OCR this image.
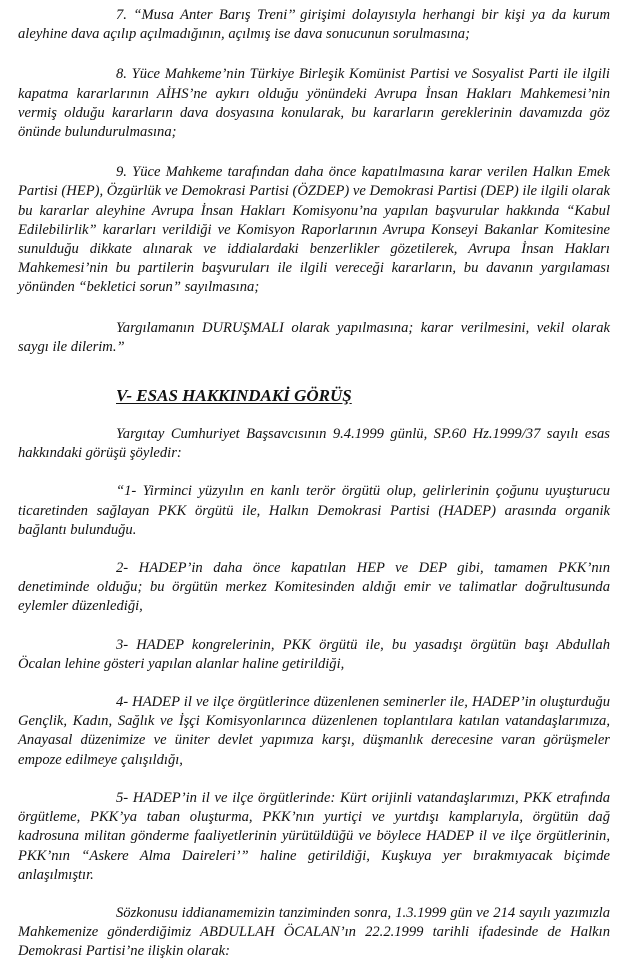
7. “Musa Anter Barış Treni’’ girişimi dolayısıyla herhangi bir kişi ya da kurum aleyhine dava açılıp açılmadığının, açılmış ise dava sonucunun sorulmasına;

8. Yüce Mahkeme’nin Türkiye Birleşik Komünist Partisi ve Sosyalist Parti ile ilgili kapatma kararlarının AİHS’ne aykırı olduğu yönündeki Avrupa İnsan Hakları Mahkemesi’nin vermiş olduğu kararların dava dosyasına konularak, bu kararların gereklerinin davamızda göz önünde bulundurulmasına;

9. Yüce Mahkeme tarafından daha önce kapatılmasına karar verilen Halkın Emek Partisi (HEP), Özgürlük ve Demokrasi Partisi (ÖZDEP) ve Demokrasi Partisi (DEP) ile ilgili olarak bu kararlar aleyhine Avrupa İnsan Hakları Komisyonu’na yapılan başvurular hakkında “Kabul Edilebilirlik” kararları verildiği ve Komisyon Raporlarının Avrupa Konseyi Bakanlar Komitesine sunulduğu dikkate alınarak ve iddialardaki benzerlikler gözetilerek, Avrupa İnsan Hakları Mahkemesi’nin bu partilerin başvuruları ile ilgili vereceği kararların, bu davanın yargılaması yönünden “bekletici sorun” sayılmasına;

Yargılamanın DURUŞMALI olarak yapılmasına; karar verilmesini, vekil olarak saygı ile dilerim.”

V- ESAS HAKKINDAKİ GÖRÜŞ

Yargıtay Cumhuriyet Başsavcısının 9.4.1999 günlü, SP.60 Hz.1999/37 sayılı esas hakkındaki görüşü şöyledir:

“1- Yirminci yüzyılın en kanlı terör örgütü olup, gelirlerinin çoğunu uyuşturucu ticaretinden sağlayan PKK örgütü ile, Halkın Demokrasi Partisi (HADEP) arasında organik bağlantı bulunduğu.

2- HADEP’in daha önce kapatılan HEP ve DEP gibi, tamamen PKK’nın denetiminde olduğu; bu örgütün merkez Komitesinden aldığı emir ve talimatlar doğrultusunda eylemler düzenlediği,

3- HADEP kongrelerinin, PKK örgütü ile, bu yasadışı örgütün başı Abdullah Öcalan lehine gösteri yapılan alanlar haline getirildiği,

4- HADEP il ve ilçe örgütlerince düzenlenen seminerler ile, HADEP’in oluşturduğu Gençlik, Kadın, Sağlık ve İşçi Komisyonlarınca düzenlenen toplantılara katılan vatandaşlarımıza, Anayasal düzenimize ve üniter devlet yapımıza karşı, düşmanlık derecesine varan görüşmeler empoze edilmeye çalışıldığı,

5- HADEP’in il ve ilçe örgütlerinde: Kürt orijinli vatandaşlarımızı, PKK etrafında örgütleme, PKK’ya taban oluşturma, PKK’nın yurtiçi ve yurtdışı kamplarıyla, örgütün dağ kadrosuna militan gönderme faaliyetlerinin yürütüldüğü ve böylece HADEP il ve ilçe örgütlerinin, PKK’nın “Askere Alma Daireleri’” haline getirildiği, Kuşkuya yer bırakmıyacak biçimde anlaşılmıştır.

Sözkonusu iddianamemizin tanziminden sonra, 1.3.1999 gün ve 214 sayılı yazımızla Mahkemenize gönderdiğimiz ABDULLAH ÖCALAN’ın 22.2.1999 tarihli ifadesinde de Halkın Demokrasi Partisi’ne ilişkin olarak:
